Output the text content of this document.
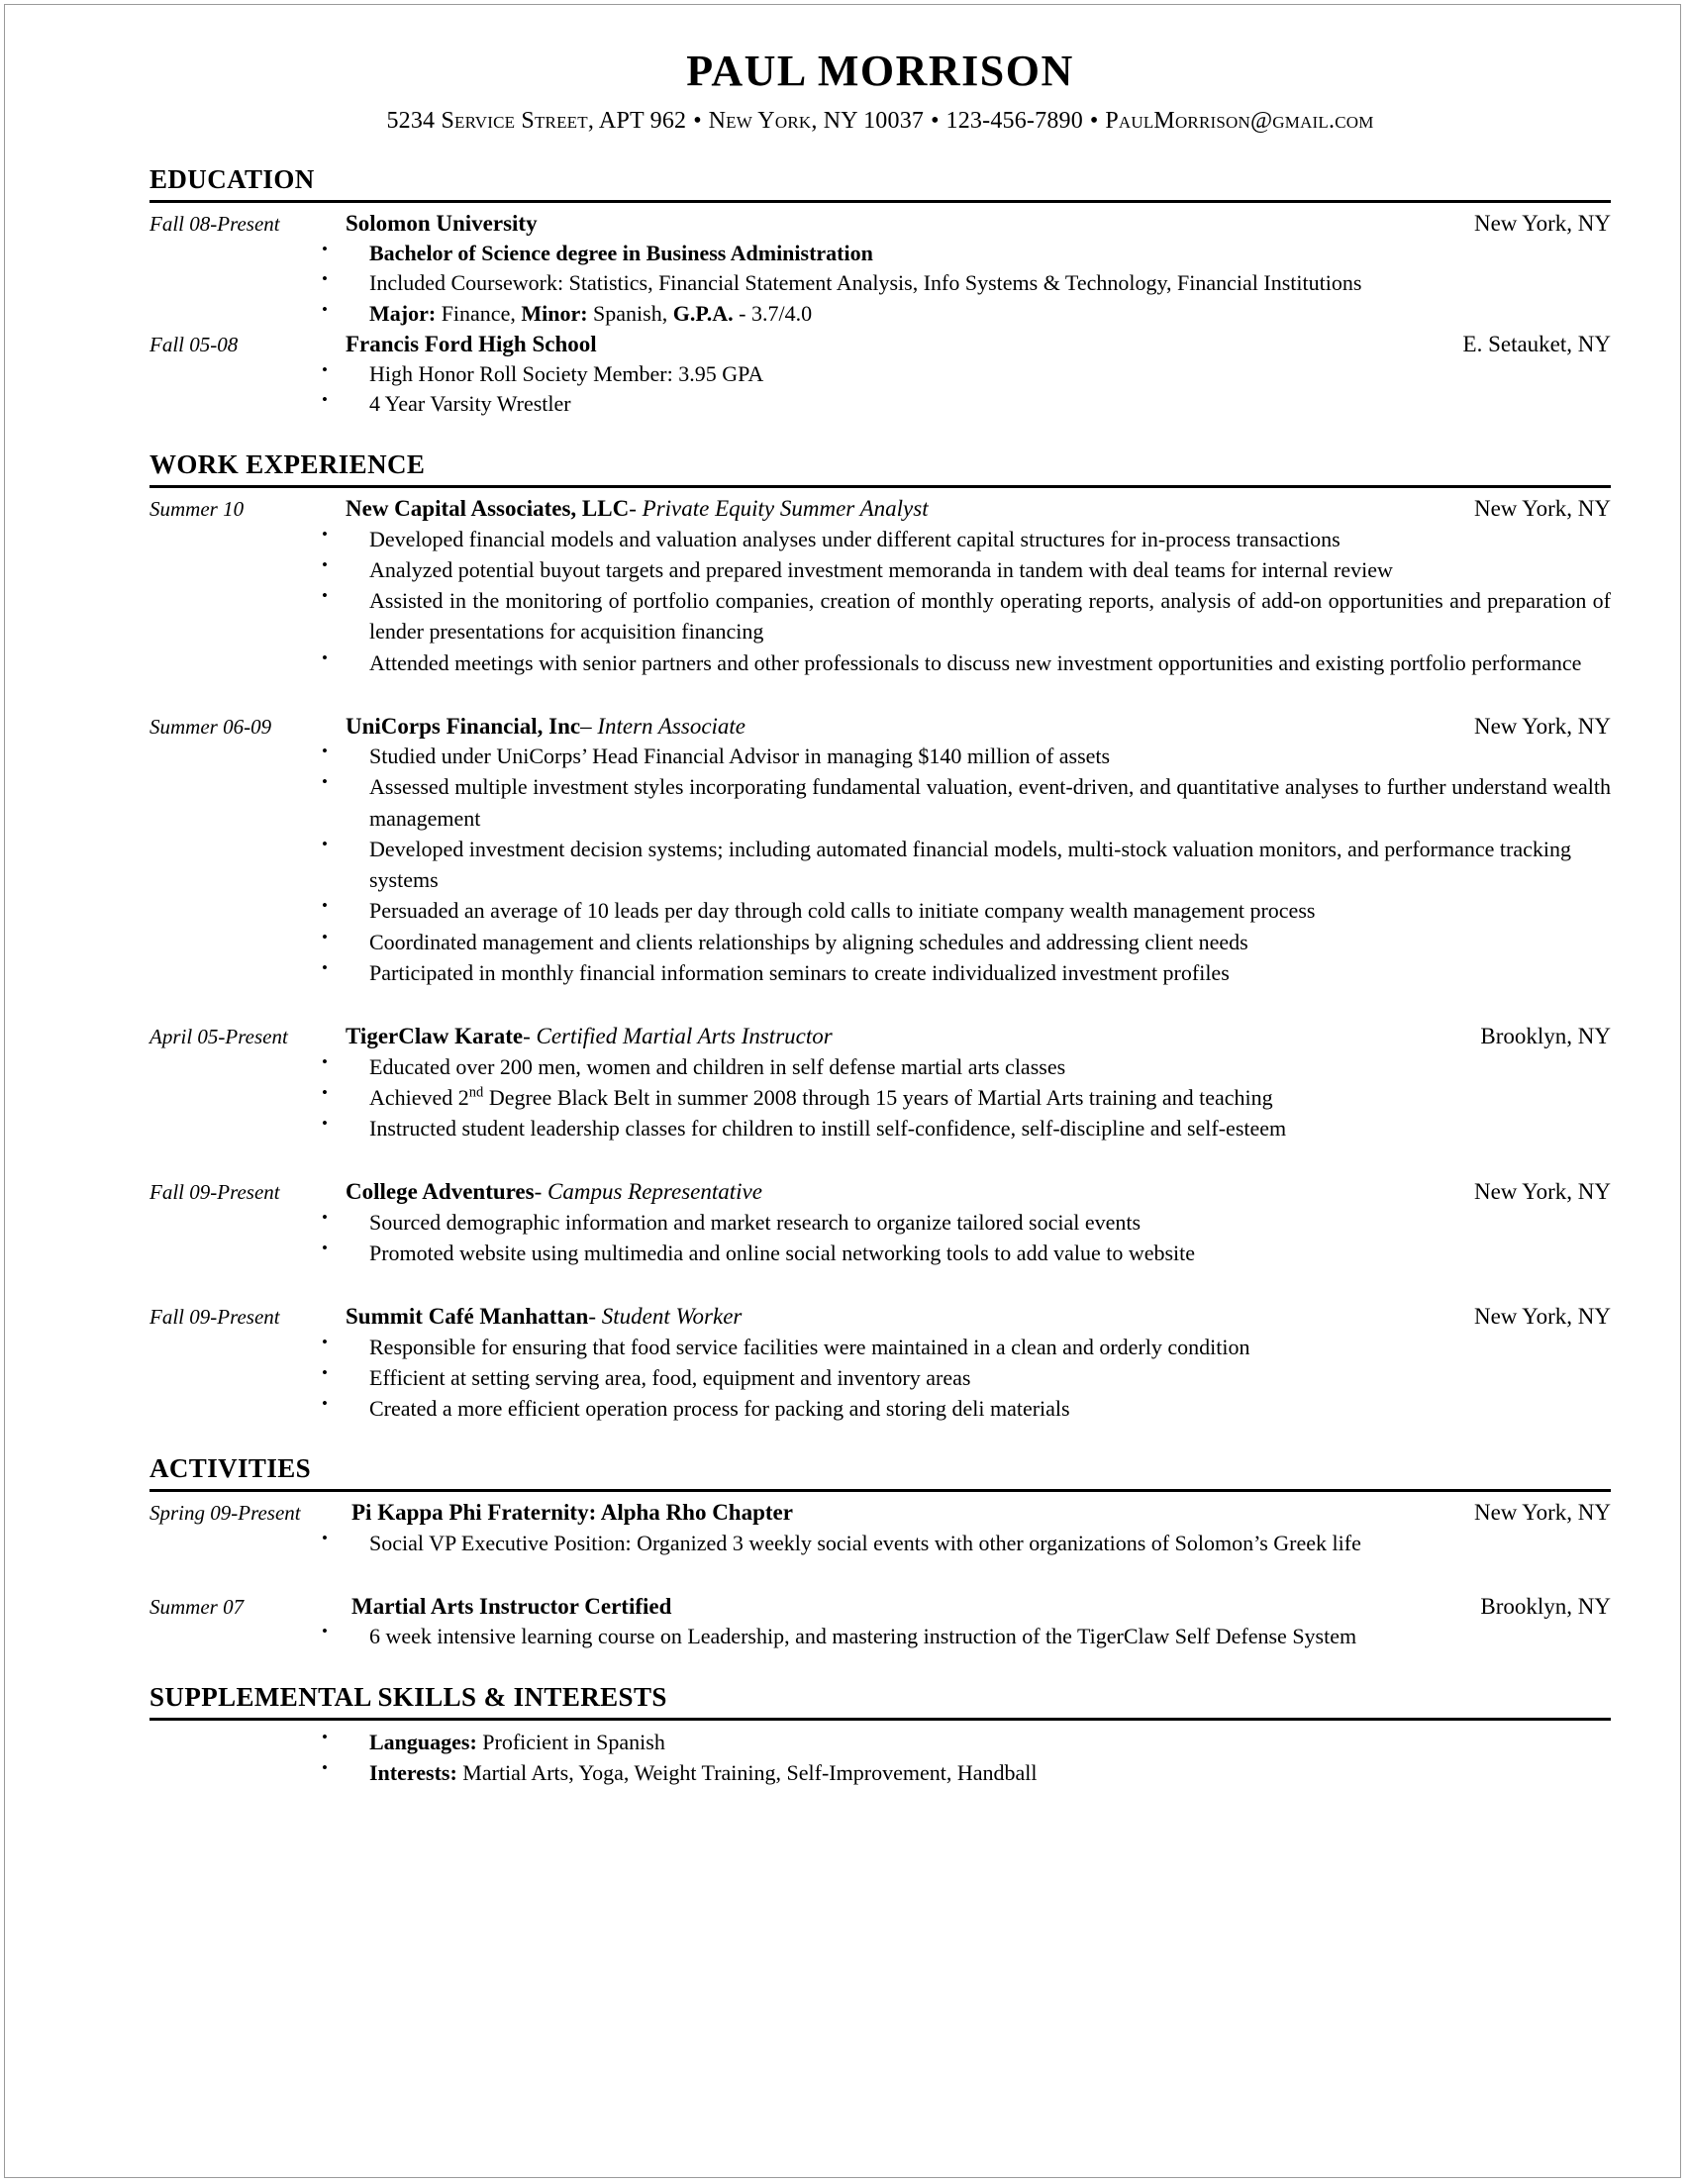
PAUL MORRISON
5234 Service Street, APT 962 • New York, NY 10037 • 123-456-7890 • PaulMorrison@gmail.com
EDUCATION
Fall 08-Present	Solomon University	New York, NY
• Bachelor of Science degree in Business Administration
• Included Coursework: Statistics, Financial Statement Analysis, Info Systems & Technology, Financial Institutions
• Major: Finance, Minor: Spanish, G.P.A. - 3.7/4.0
Fall 05-08	Francis Ford High School	E. Setauket, NY
• High Honor Roll Society Member: 3.95 GPA
• 4 Year Varsity Wrestler
WORK EXPERIENCE
Summer 10	New Capital Associates, LLC- Private Equity Summer Analyst	New York, NY
• Developed financial models and valuation analyses under different capital structures for in-process transactions
• Analyzed potential buyout targets and prepared investment memoranda in tandem with deal teams for internal review
• Assisted in the monitoring of portfolio companies, creation of monthly operating reports, analysis of add-on opportunities and preparation of lender presentations for acquisition financing
• Attended meetings with senior partners and other professionals to discuss new investment opportunities and existing portfolio performance
Summer 06-09	UniCorps Financial, Inc– Intern Associate	New York, NY
• Studied under UniCorps’ Head Financial Advisor in managing $140 million of assets
• Assessed multiple investment styles incorporating fundamental valuation, event-driven, and quantitative analyses to further understand wealth management
• Developed investment decision systems; including automated financial models, multi-stock valuation monitors, and performance tracking systems
• Persuaded an average of 10 leads per day through cold calls to initiate company wealth management process
• Coordinated management and clients relationships by aligning schedules and addressing client needs
• Participated in monthly financial information seminars to create individualized investment profiles
April 05-Present	TigerClaw Karate- Certified Martial Arts Instructor	Brooklyn, NY
• Educated over 200 men, women and children in self defense martial arts classes
• Achieved 2nd Degree Black Belt in summer 2008 through 15 years of Martial Arts training and teaching
• Instructed student leadership classes for children to instill self-confidence, self-discipline and self-esteem
Fall 09-Present	College Adventures- Campus Representative	New York, NY
• Sourced demographic information and market research to organize tailored social events
• Promoted website using multimedia and online social networking tools to add value to website
Fall 09-Present	Summit Café Manhattan- Student Worker	New York, NY
• Responsible for ensuring that food service facilities were maintained in a clean and orderly condition
• Efficient at setting serving area, food, equipment and inventory areas
• Created a more efficient operation process for packing and storing deli materials
ACTIVITIES
Spring 09-Present	Pi Kappa Phi Fraternity: Alpha Rho Chapter	New York, NY
• Social VP Executive Position: Organized 3 weekly social events with other organizations of Solomon’s Greek life
Summer 07	Martial Arts Instructor Certified	Brooklyn, NY
• 6 week intensive learning course on Leadership, and mastering instruction of the TigerClaw Self Defense System
SUPPLEMENTAL SKILLS & INTERESTS
• Languages: Proficient in Spanish
• Interests: Martial Arts, Yoga, Weight Training, Self-Improvement, Handball
